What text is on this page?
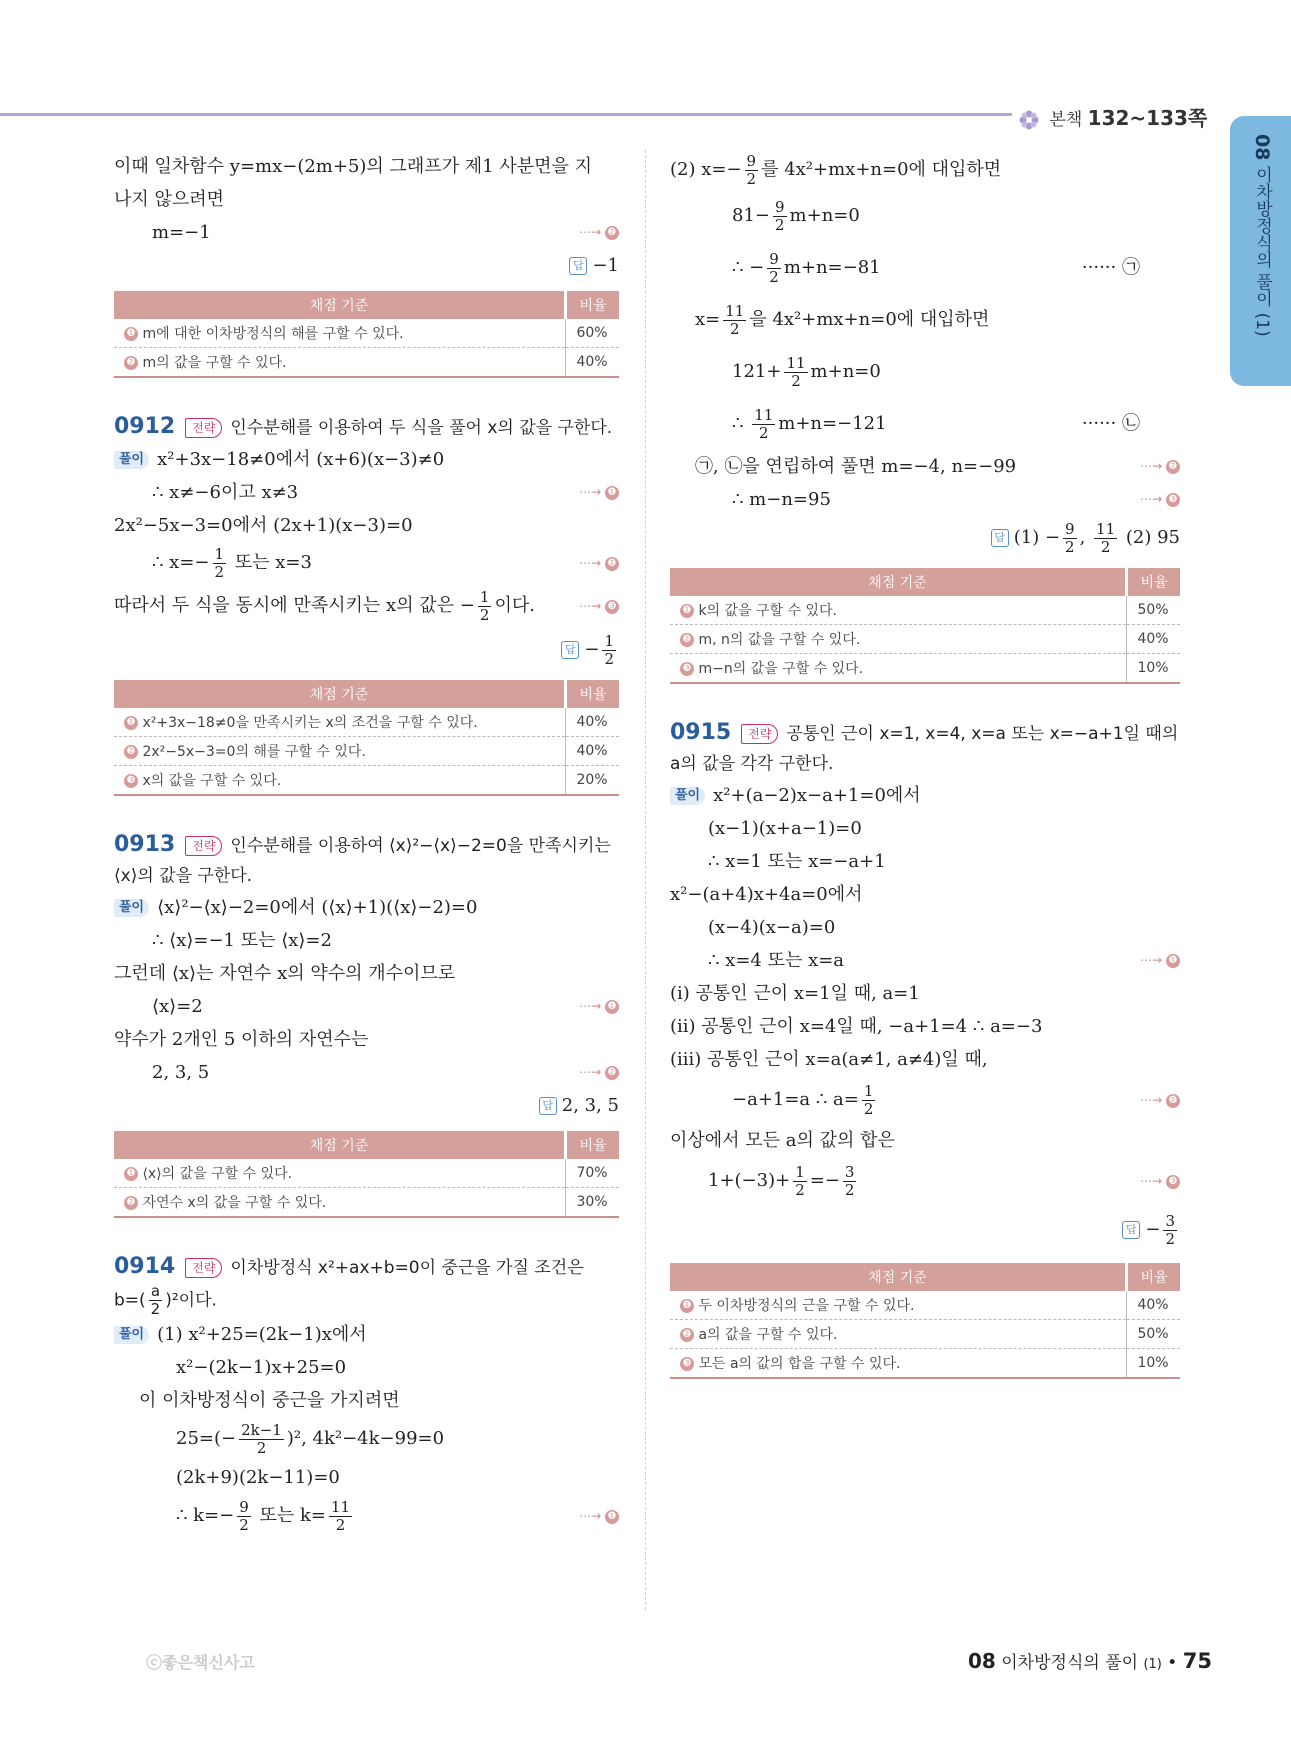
본책 132~133쪽
08 이차방정식의 풀이 (1)
이때 일차함수 y=mx−(2m+5)의 그래프가 제1 사분면을 지
나지 않으려면
m=−1	⋯→ ❷
답 −1
채점 기준	비율
❶ m에 대한 이차방정식의 해를 구할 수 있다.	60%
❷ m의 값을 구할 수 있다.	40%
0912 전략 인수분해를 이용하여 두 식을 풀어 x의 값을 구한다.
풀이 x²+3x−18≠0에서 (x+6)(x−3)≠0
∴ x≠−6이고 x≠3	⋯→ ❶
2x²−5x−3=0에서 (2x+1)(x−3)=0
∴ $x=- \frac{1}{2}$ 또는 x=3	⋯→ ❷
따라서 두 식을 동시에 만족시키는 x의 값은 − $\frac{1}{2}$ 이다.	⋯→ ❸
답 − $\frac{1}{2}$
채점 기준	비율
❶ x²+3x−18≠0을 만족시키는 x의 조건을 구할 수 있다.	40%
❷ 2x²−5x−3=0의 해를 구할 수 있다.	40%
❸ x의 값을 구할 수 있다.	20%
0913 전략 인수분해를 이용하여 ⟨x⟩²−⟨x⟩−2=0을 만족시키는
⟨x⟩의 값을 구한다.
풀이 ⟨x⟩²−⟨x⟩−2=0에서 (⟨x⟩+1)(⟨x⟩−2)=0
∴ ⟨x⟩=−1 또는 ⟨x⟩=2
그런데 ⟨x⟩는 자연수 x의 약수의 개수이므로
⟨x⟩=2	⋯→ ❶
약수가 2개인 5 이하의 자연수는
2, 3, 5	⋯→ ❷
답 2, 3, 5
채점 기준	비율
❶ ⟨x⟩의 값을 구할 수 있다.	70%
❷ 자연수 x의 값을 구할 수 있다.	30%
0914 전략 이차방정식 x²+ax+b=0이 중근을 가질 조건은
$b=( \frac{a}{2} )^2$이다.
풀이 (1) x²+25=(2k−1)x에서
x²−(2k−1)x+25=0
이 이차방정식이 중근을 가지려면
$25=(- \frac{2k-1}{2} )^2$, 4k²−4k−99=0
(2k+9)(2k−11)=0
∴ $k=- \frac{9}{2}$ 또는 $k= \frac{11}{2}$	⋯→ ❶
(2) $x=- \frac{9}{2}$ 를 4x²+mx+n=0에 대입하면
$81- \frac{9}{2} m+n=0$
∴ − $\frac{9}{2} m+n=-81$	······ ㉠
$x= \frac{11}{2}$ 을 4x²+mx+n=0에 대입하면
$121+ \frac{11}{2} m+n=0$
∴ $\frac{11}{2} m+n=-121$	······ ㉡
㉠, ㉡을 연립하여 풀면 m=−4, n=−99	⋯→ ❷
∴ m−n=95	⋯→ ❸
답 $(1) - \frac{9}{2}$ , $\frac{11}{2} (2)$ 95
채점 기준	비율
❶ k의 값을 구할 수 있다.	50%
❷ m, n의 값을 구할 수 있다.	40%
❸ m−n의 값을 구할 수 있다.	10%
0915 전략 공통인 근이 x=1, x=4, x=a 또는 x=−a+1일 때의
a의 값을 각각 구한다.
풀이 x²+(a−2)x−a+1=0에서
(x−1)(x+a−1)=0
∴ x=1 또는 x=−a+1
x²−(a+4)x+4a=0에서
(x−4)(x−a)=0
∴ x=4 또는 x=a	⋯→ ❶
(i) 공통인 근이 x=1일 때, a=1
(ii) 공통인 근이 x=4일 때, −a+1=4 ∴ a=−3
(iii) 공통인 근이 x=a(a≠1, a≠4)일 때,
−a+1=a ∴ $a= \frac{1}{2}$	⋯→ ❷
이상에서 모든 a의 값의 합은
$1+(-3)+ \frac{1}{2} =- \frac{3}{2}$	⋯→ ❸
답 − $\frac{3}{2}$
채점 기준	비율
❶ 두 이차방정식의 근을 구할 수 있다.	40%
❷ a의 값을 구할 수 있다.	50%
❸ 모든 a의 값의 합을 구할 수 있다.	10%
ⓒ좋은책신사고	08 이차방정식의 풀이 (1) • 75
